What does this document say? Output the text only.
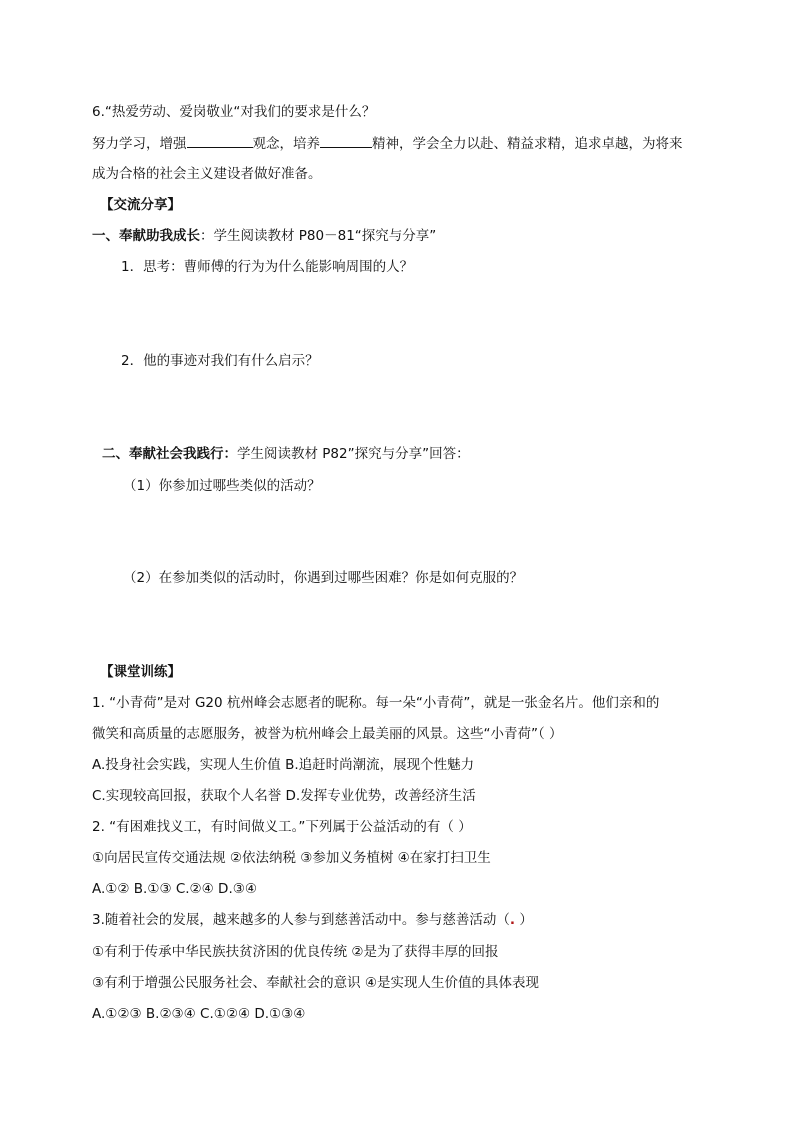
6.“热爱劳动、爱岗敬业“对我们的要求是什么？
努力学习，增强	观念，培养	精神，学会全力以赴、精益求精，追求卓越，为将来
成为合格的社会主义建设者做好准备。
【交流分享】
一、奉献助我成长：学生阅读教材 P80－81“探究与分享”
1．思考：曹师傅的行为为什么能影响周围的人？
2．他的事迹对我们有什么启示？
二、奉献社会我践行：学生阅读教材 P82”探究与分享”回答：
（1）你参加过哪些类似的活动？
（2）在参加类似的活动时，你遇到过哪些困难？你是如何克服的？
【课堂训练】
1. “小青荷”是对 G20 杭州峰会志愿者的昵称。每一朵“小青荷”，就是一张金名片。他们亲和的
微笑和高质量的志愿服务，被誉为杭州峰会上最美丽的风景。这些“小青荷”（ ）
A.投身社会实践，实现人生价值 B.追赶时尚潮流，展现个性魅力
C.实现较高回报，获取个人名誉 D.发挥专业优势，改善经济生活
2. “有困难找义工，有时间做义工。”下列属于公益活动的有（ ）
①向居民宣传交通法规 ②依法纳税 ③参加义务植树 ④在家打扫卫生
A.①② B.①③ C.②④ D.③④
3.随着社会的发展，越来越多的人参与到慈善活动中。参与慈善活动（. ）
①有利于传承中华民族扶贫济困的优良传统 ②是为了获得丰厚的回报
③有利于增强公民服务社会、奉献社会的意识 ④是实现人生价值的具体表现
A.①②③ B.②③④ C.①②④ D.①③④
